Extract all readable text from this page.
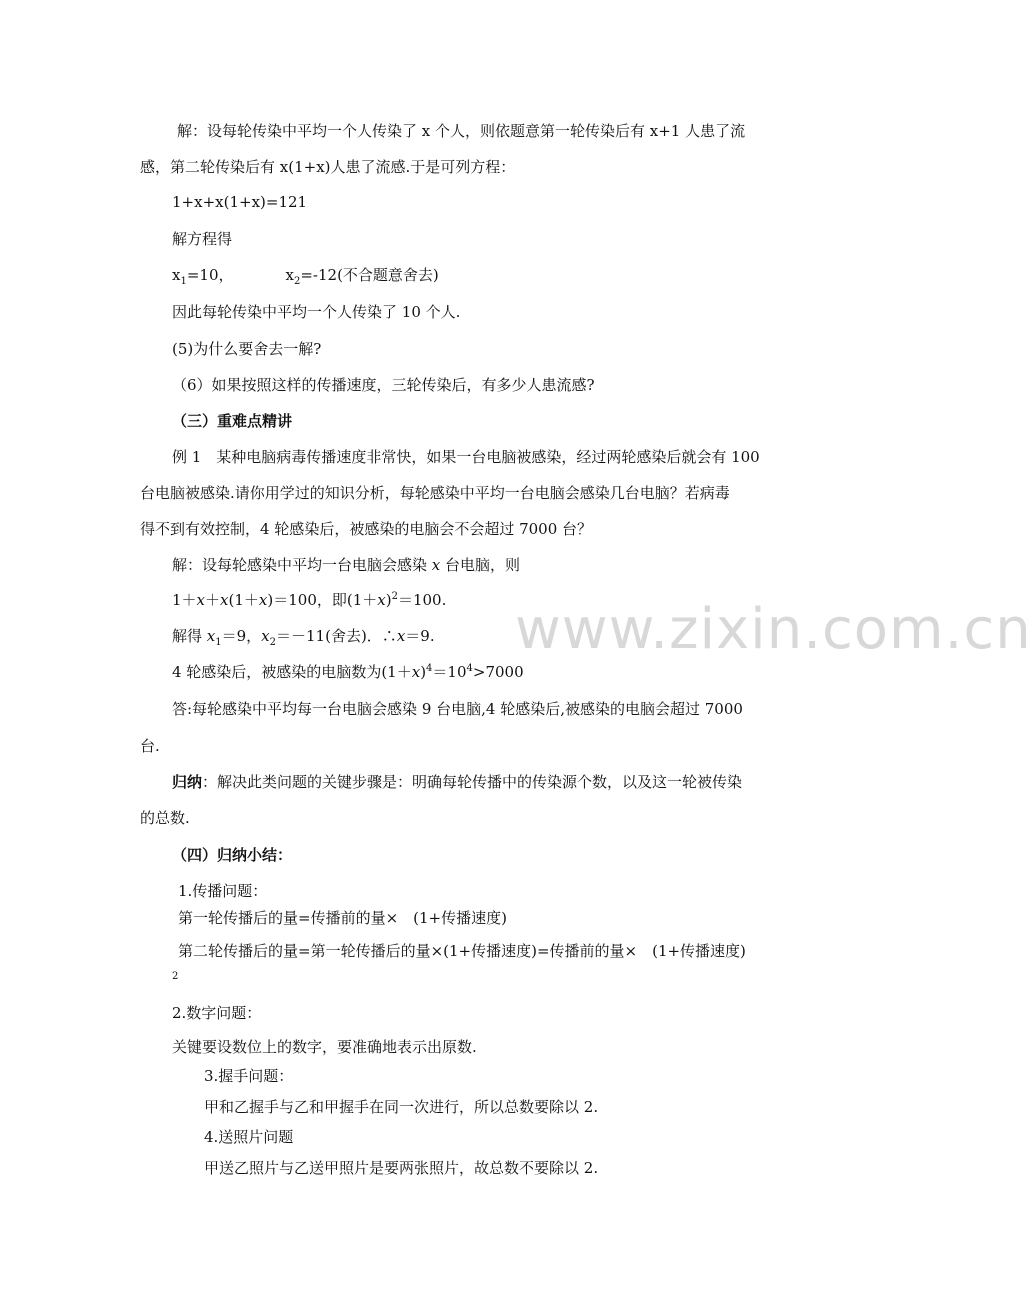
www.zixin.com.cn
解：设每轮传染中平均一个人传染了 x 个人，则依题意第一轮传染后有 x+1 人患了流
感，第二轮传染后有 x(1+x)人患了流感.于是可列方程：
1+x+x(1+x)=121
解方程得
$x_1=10$，	$x_2=-12$(不合题意舍去)
因此每轮传染中平均一个人传染了 10 个人.
(5)为什么要舍去一解?
（6）如果按照这样的传播速度，三轮传染后，有多少人患流感?
（三）重难点精讲
例 1　某种电脑病毒传播速度非常快，如果一台电脑被感染，经过两轮感染后就会有 100
台电脑被感染.请你用学过的知识分析，每轮感染中平均一台电脑会感染几台电脑？若病毒
得不到有效控制，4 轮感染后，被感染的电脑会不会超过 7000 台？
解：设每轮感染中平均一台电脑会感染 x 台电脑，则
1＋x＋x(1＋x)＝100，即$(1+x)^2=100$.
解得 $x_1=9$，$x_2=-11$(舍去)．∴x＝9.
4 轮感染后，被感染的电脑数为$(1+x)^4=10^4>7000$
答:每轮感染中平均每一台电脑会感染 9 台电脑,4 轮感染后,被感染的电脑会超过 7000
台.
归纳：解决此类问题的关键步骤是：明确每轮传播中的传染源个数，以及这一轮被传染
的总数.
（四）归纳小结：
1.传播问题：
第一轮传播后的量=传播前的量×　(1+传播速度)
第二轮传播后的量=第一轮传播后的量×(1+传播速度)=传播前的量×　(1+传播速度)
2
2.数字问题：
关键要设数位上的数字，要准确地表示出原数.
3.握手问题：
甲和乙握手与乙和甲握手在同一次进行，所以总数要除以 2.
4.送照片问题
甲送乙照片与乙送甲照片是要两张照片，故总数不要除以 2.
